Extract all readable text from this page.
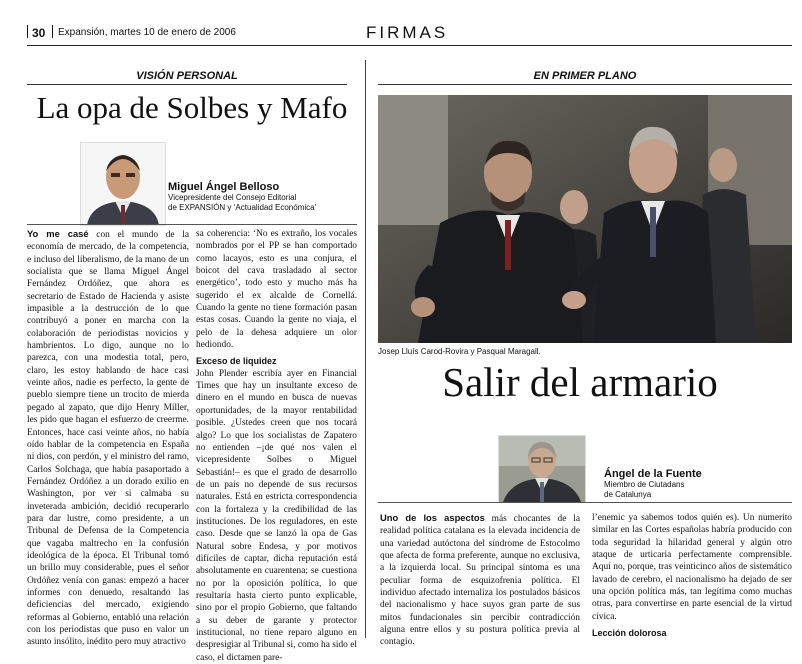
30 Expansión, martes 10 de enero de 2006	FIRMAS
VISIÓN PERSONAL
La opa de Solbes y Mafo
Miguel Ángel Belloso
Vicepresidente del Consejo Editorial
de EXPANSIÓN y ‘Actualidad Económica’

Yo me casé con el mundo de la economía de mercado, de la competencia, e incluso del liberalismo, de la mano de un socialista que se llama Miguel Ángel Fernández Ordóñez, que ahora es secretario de Estado de Hacienda y asiste impasible a la destrucción de lo que contribuyó a poner en marcha con la colaboración de periodistas novicios y hambrientos. Lo digo, aunque no lo parezca, con una modestia total, pero, claro, les estoy hablando de hace casi veinte años, nadie es perfecto, la gente de pueblo siempre tiene un trocito de mierda pegado al zapato, que dijo Henry Miller, les pido que hagan el esfuerzo de creerme. Entonces, hace casi veinte años, no había oído hablar de la competencia en España ni dios, con perdón, y el ministro del ramo, Carlos Solchaga, que había pasaportado a Fernández Ordóñez a un dorado exilio en Washington, por ver si calmaba su inveterada ambición, decidió recuperarlo para dar lustre, como presidente, a un Tribunal de Defensa de la Competencia que vagaba maltrecho en la confusión ideológica de la época. El Tribunal tomó un brillo muy considerable, pues el señor Ordóñez venía con ganas: empezó a hacer informes con denuedo, resaltando las deficiencias del mercado, exigiendo reformas al Gobierno, entabló una relación con los periodistas que puso en valor un asunto insólito, inédito pero muy atractivo

sa coherencia: ‘No es extraño, los vocales nombrados por el PP se han comportado como lacayos, esto es una conjura, el boicot del cava trasladado al sector energético’, todo esto y mucho más ha sugerido el ex alcalde de Cornellá. Cuando la gente no tiene formación pasan estas cosas. Cuando la gente no viaja, el pelo de la dehesa adquiere un olor hediondo.

Exceso de liquidez

John Plender escribía ayer en Financial Times que hay un insultante exceso de dinero en el mundo en busca de nuevas oportunidades, de la mayor rentabilidad posible. ¿Ustedes creen que nos tocará algo? Lo que los socialistas de Zapatero no entienden –¡de qué nos valen el vicepresidente Solbes o Miguel Sebastián!– es que el grado de desarrollo de un país no depende de sus recursos naturales. Está en estricta correspondencia con la fortaleza y la credibilidad de las instituciones. De los reguladores, en este caso. Desde que se lanzó la opa de Gas Natural sobre Endesa, y por motivos difíciles de captar, dicha reputación está absolutamente en cuarentena; se cuestiona no por la oposición política, lo que resultaría hasta cierto punto explicable, sino por el propio Gobierno, que faltando a su deber de garante y protector institucional, no tiene reparo alguno en despresigiar al Tribunal si, como ha sido el caso, el dictamen pare-

EN PRIMER PLANO
Josep Lluís Carod-Rovira y Pasqual Maragall.
Salir del armario
Ángel de la Fuente
Miembro de Ciutadans
de Catalunya

Uno de los aspectos más chocantes de la realidad política catalana es la elevada incidencia de una variedad autóctona del síndrome de Estocolmo que afecta de forma preferente, aunque no exclusiva, a la izquierda local. Su principal síntoma es una peculiar forma de esquizofrenia política. El individuo afectado internaliza los postulados básicos del nacionalismo y hace suyos gran parte de sus mitos fundacionales sin percibir contradicción alguna entre ellos y su postura política previa al contagio.

l’enemic ya sabemos todos quién es). Un numerito similar en las Cortes españolas habría producido con toda seguridad la hilaridad general y algún otro ataque de urticaria perfectamente comprensible. Aquí no, porque, tras veinticinco años de sistemático lavado de cerebro, el nacionalismo ha dejado de ser una opción política más, tan legítima como muchas otras, para convertirse en parte esencial de la virtud cívica.

Lección dolorosa
